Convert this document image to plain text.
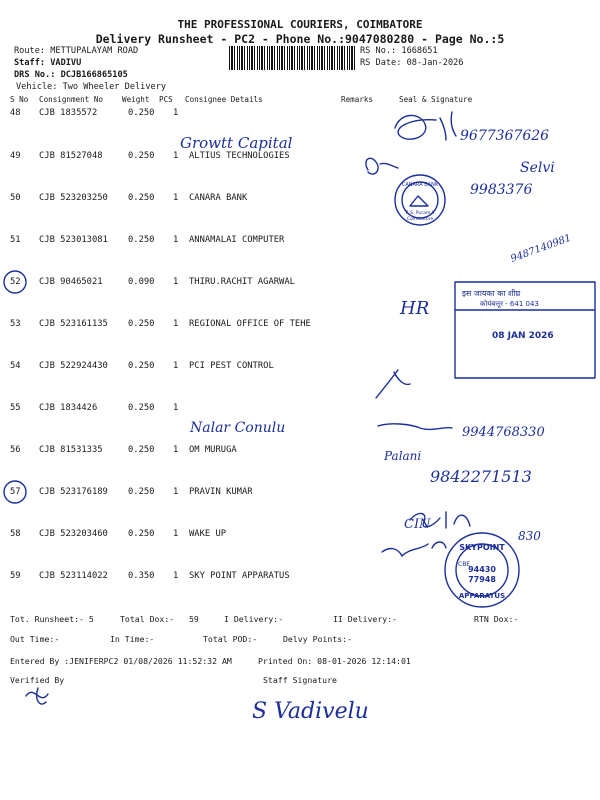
THE PROFESSIONAL COURIERS, COIMBATORE
Delivery Runsheet - PC2 - Phone No.:9047080280 - Page No.:5
Route: METTUPALAYAM ROAD
Staff: VADIVU
DRS No.: DCJB166865105
Vehicle: Two Wheeler Delivery
RS No.: 1668651
RS Date: 08-Jan-2026
S No Consignment No Weight PCS Consignee Details	Remarks	Seal & Signature
48 CJB 1835572	0.250 1
49 CJB 81527048	0.250 1 ALTIUS TECHNOLOGIES
50 CJB 523203250 0.250 1 CANARA BANK
51 CJB 523013081 0.250 1 ANNAMALAI COMPUTER
52 CJB 90465021	0.090 1 THIRU.RACHIT AGARWAL
53 CJB 523161135 0.250 1 REGIONAL OFFICE OF TEHE
54 CJB 522924430 0.250 1 PCI PEST CONTROL
55 CJB 1834426	0.250 1
56 CJB 81531335	0.250 1 OM MURUGA
57 CJB 523176189 0.250 1 PRAVIN KUMAR
58 CJB 523203460 0.250 1 WAKE UP
59 CJB 523114022 0.350 1 SKY POINT APPARATUS
Tot. Runsheet:- 5	Total Dox:- 59	I Delivery:-	II Delivery:-	RTN Dox:-
Out Time:-	In Time:-	Total POD:-	Delvy Points:-
Entered By :JENIFERPC2 01/08/2026 11:52:32 AM	Printed On: 08-01-2026 12:14:01
Verified By	Staff Signature
Growtt Capital	9677367626
Selvi
9983376
9487140981
HR
Nalar Conulu	9944768330
Palani
9842271513
CIN
830
S Vadivelu
CANARA BANK
R.S. Puram II
Coimbatore
इस जायका का शीघ्र
कोयंबत्तूर - 641 043
08 JAN 2026
SKYPOINT
APPARATUS
CBE
94430
77948
